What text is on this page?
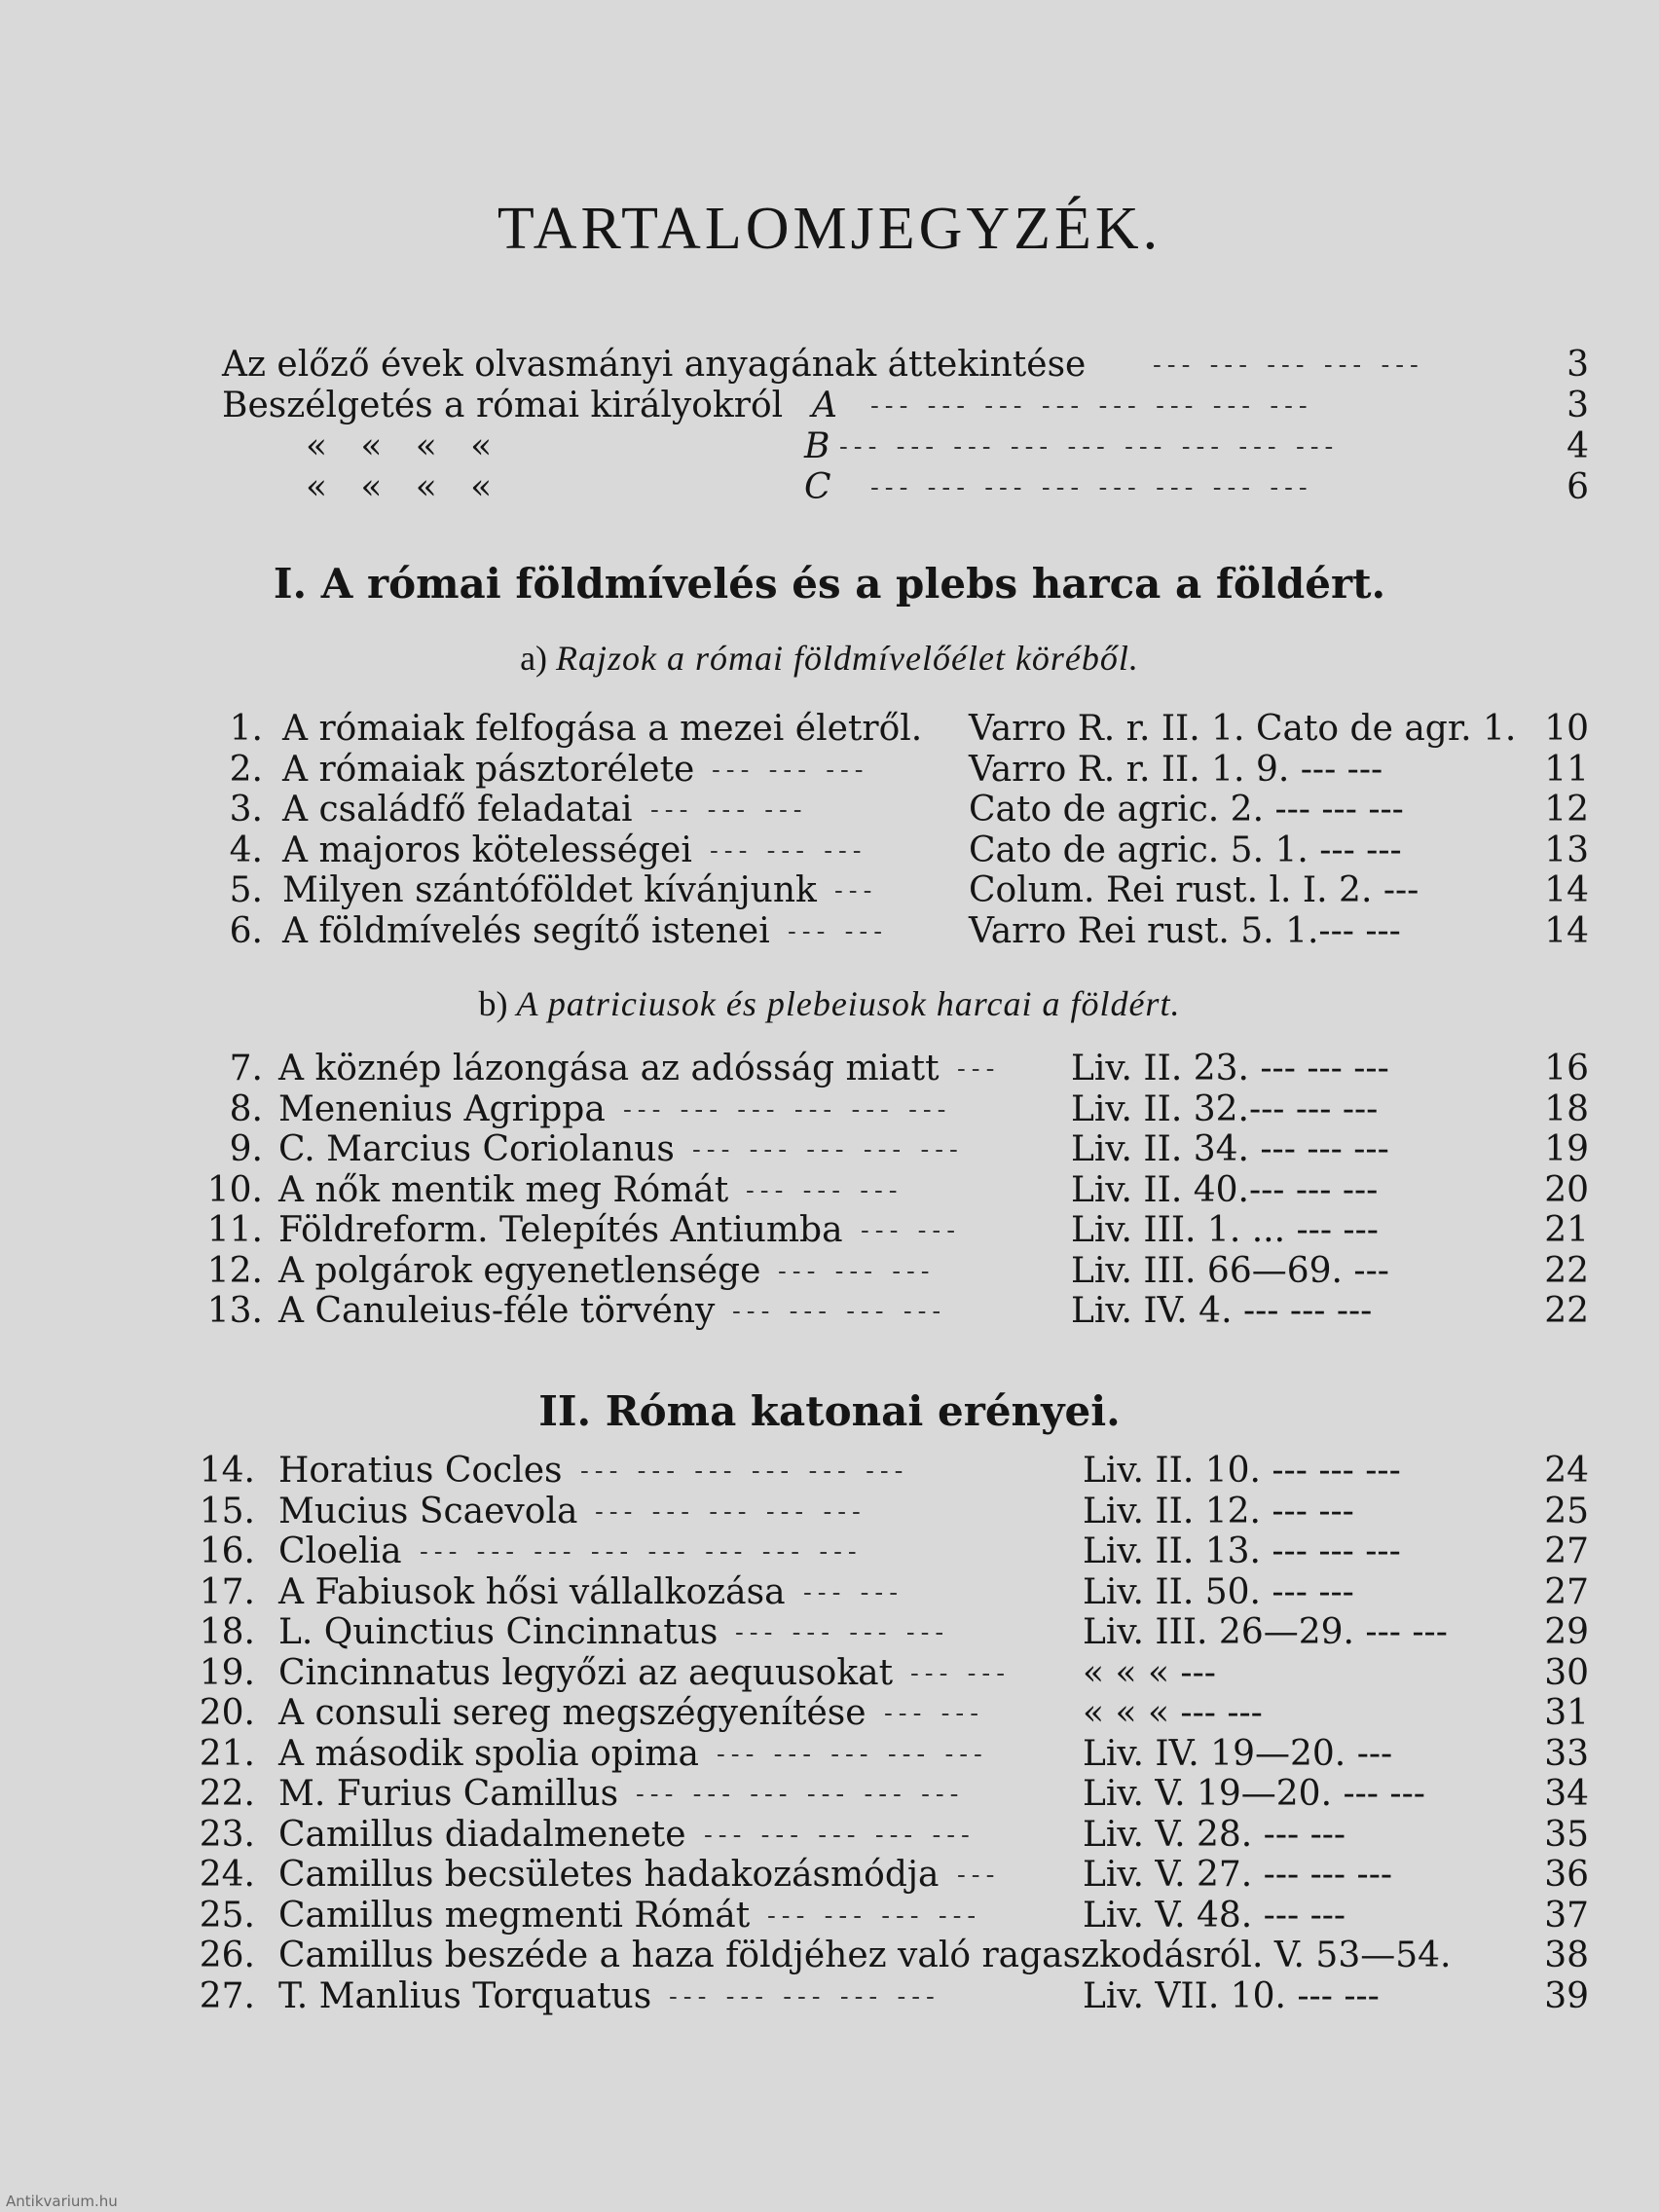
TARTALOMJEGYZÉK.
Az előző évek olvasmányi anyagának áttekintése	--- --- --- --- ---	3
Beszélgetés a római királyokról A --- --- --- --- --- --- --- ---	3
«   «   «   «	B --- --- --- --- --- --- --- --- ---	4
«   «   «   «	C --- --- --- --- --- --- --- ---	6
I. A római földmívelés és a plebs harca a földért.
a) Rajzok a római földmívelőélet köréből.
1. A rómaiak felfogása a mezei életről. Varro R. r. II. 1. Cato de agr. 1. 10
2. A rómaiak pásztorélete --- --- ---	Varro R. r. II. 1. 9. --- ---	11
3. A családfő feladatai --- --- ---	Cato de agric. 2. --- --- ---	12
4. A majoros kötelességei --- --- ---	Cato de agric. 5. 1. --- ---	13
5. Milyen szántóföldet kívánjunk ---	Colum. Rei rust. l. I. 2. ---	14
6. A földmívelés segítő istenei --- --- Varro Rei rust. 5. 1.--- ---	14
b) A patriciusok és plebeiusok harcai a földért.
7. A köznép lázongása az adósság miatt --- Liv. II. 23. --- --- ---	16
8. Menenius Agrippa --- --- --- --- --- ---	Liv. II. 32.--- --- ---	18
9. C. Marcius Coriolanus --- --- --- --- ---	Liv. II. 34. --- --- ---	19
10. A nők mentik meg Rómát --- --- ---	Liv. II. 40.--- --- ---	20
11. Földreform. Telepítés Antiumba --- ---	Liv. III. 1. ... --- ---	21
12. A polgárok egyenetlensége --- --- ---	Liv. III. 66—69. ---	22
13. A Canuleius-féle törvény --- --- --- ---	Liv. IV. 4. --- --- ---	22
II. Róma katonai erényei.
14. Horatius Cocles --- --- --- --- --- ---	Liv. II. 10. --- --- ---	24
15. Mucius Scaevola --- --- --- --- ---	Liv. II. 12. --- ---	25
16. Cloelia --- --- --- --- --- --- --- ---	Liv. II. 13. --- --- ---	27
17. A Fabiusok hősi vállalkozása --- ---	Liv. II. 50. --- ---	27
18. L. Quinctius Cincinnatus --- --- --- ---	Liv. III. 26—29. --- ---	29
19. Cincinnatus legyőzi az aequusokat --- --- « « « ---	30
20. A consuli sereg megszégyenítése --- ---	« « « --- ---	31
21. A második spolia opima --- --- --- --- ---	Liv. IV. 19—20. ---	33
22. M. Furius Camillus --- --- --- --- --- ---	Liv. V. 19—20. --- ---	34
23. Camillus diadalmenete --- --- --- --- ---	Liv. V. 28. --- ---	35
24. Camillus becsületes hadakozásmódja --- Liv. V. 27. --- --- ---	36
25. Camillus megmenti Rómát --- --- --- ---	Liv. V. 48. --- ---	37
26. Camillus beszéde a haza földjéhez való ragaszkodásról. V. 53—54.	38
27. T. Manlius Torquatus --- --- --- --- ---	Liv. VII. 10. --- ---	39
Antikvarium.hu
